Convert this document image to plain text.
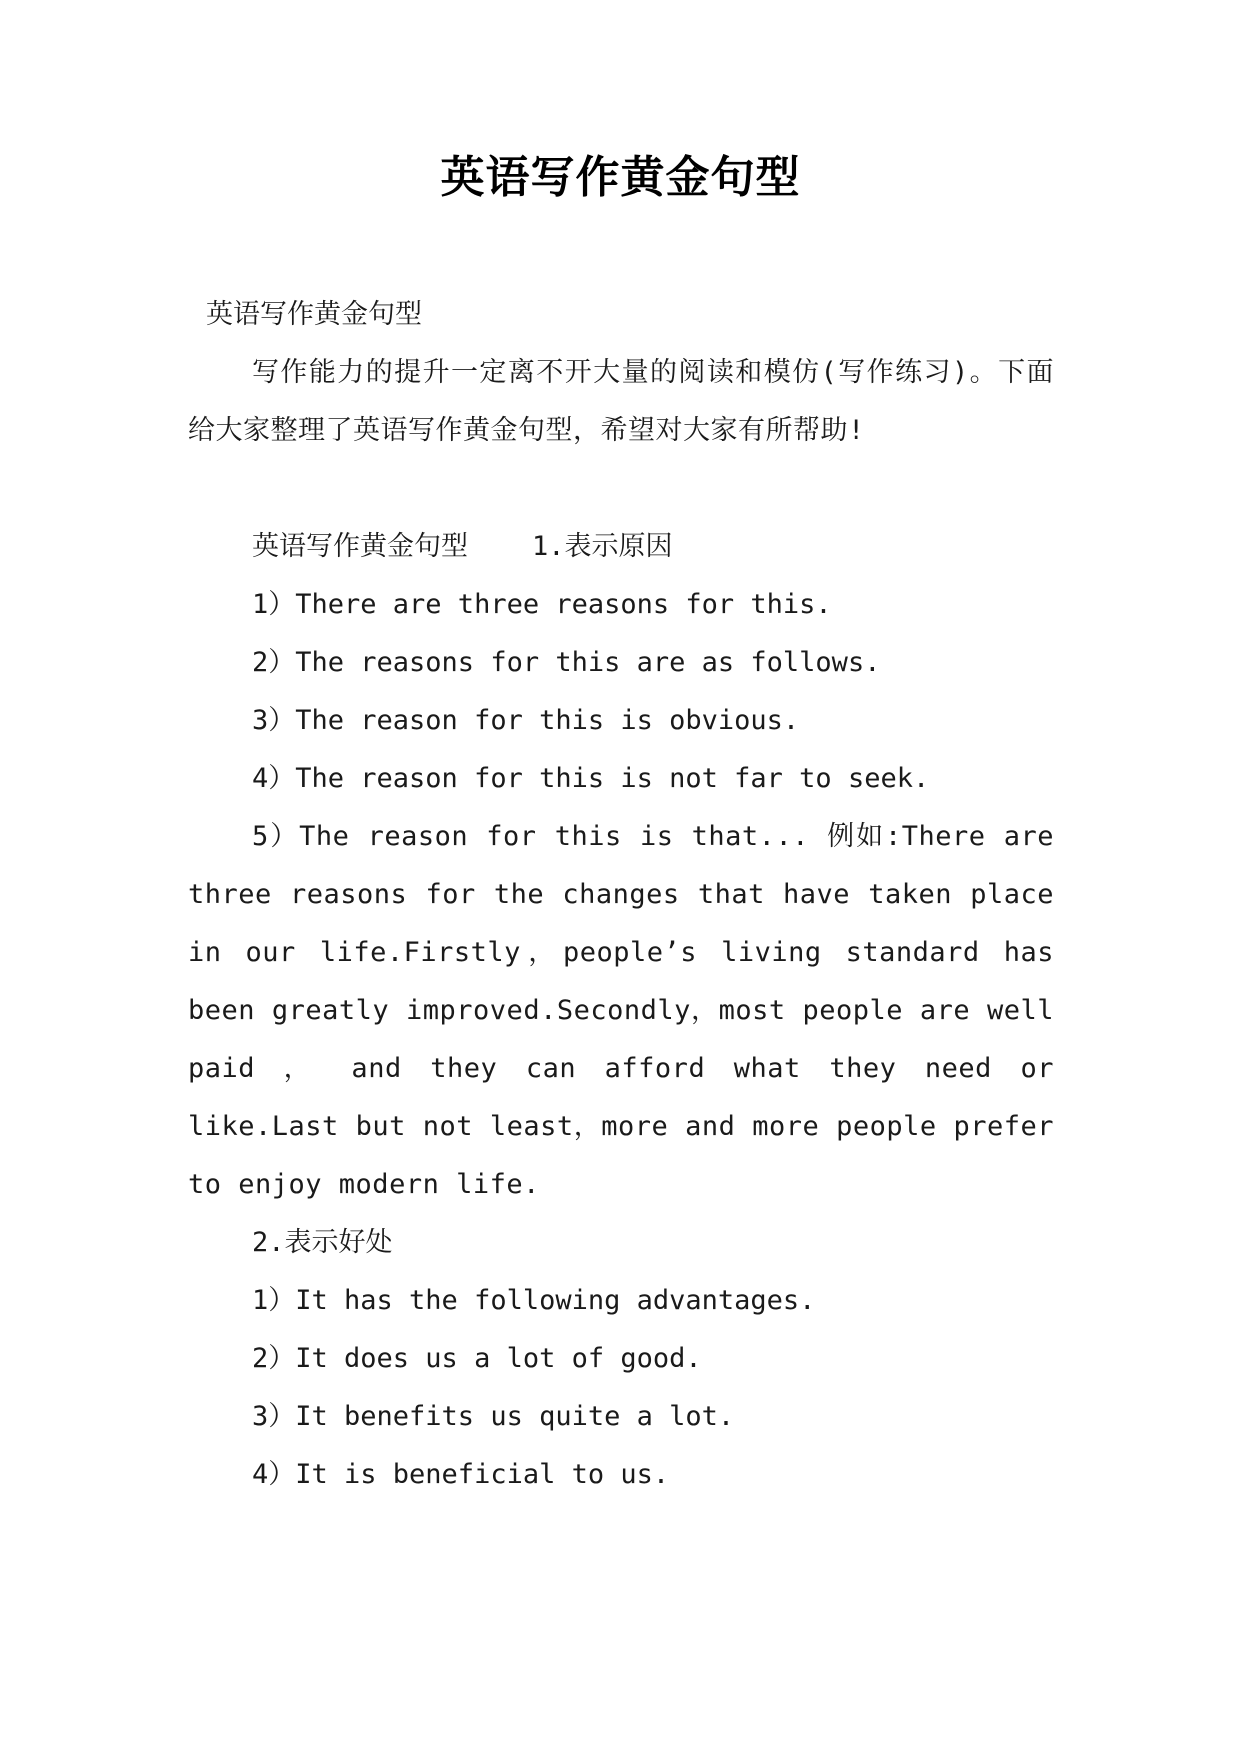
英语写作黄金句型

英语写作黄金句型

写作能力的提升一定离不开大量的阅读和模仿(写作练习)。下面给大家整理了英语写作黄金句型，希望对大家有所帮助!

英语写作黄金句型 1.表示原因

1）There are three reasons for this.

2）The reasons for this are as follows.

3）The reason for this is obvious.

4）The reason for this is not far to seek.

5）The reason for this is that... 例如:There are three reasons for the changes that have taken place in our life.Firstly，people’s living standard has been greatly improved.Secondly，most people are well paid ， and they can afford what they need or like.Last but not least，more and more people prefer to enjoy modern life.

2.表示好处

1）It has the following advantages.

2）It does us a lot of good.

3）It benefits us quite a lot.

4）It is beneficial to us.
